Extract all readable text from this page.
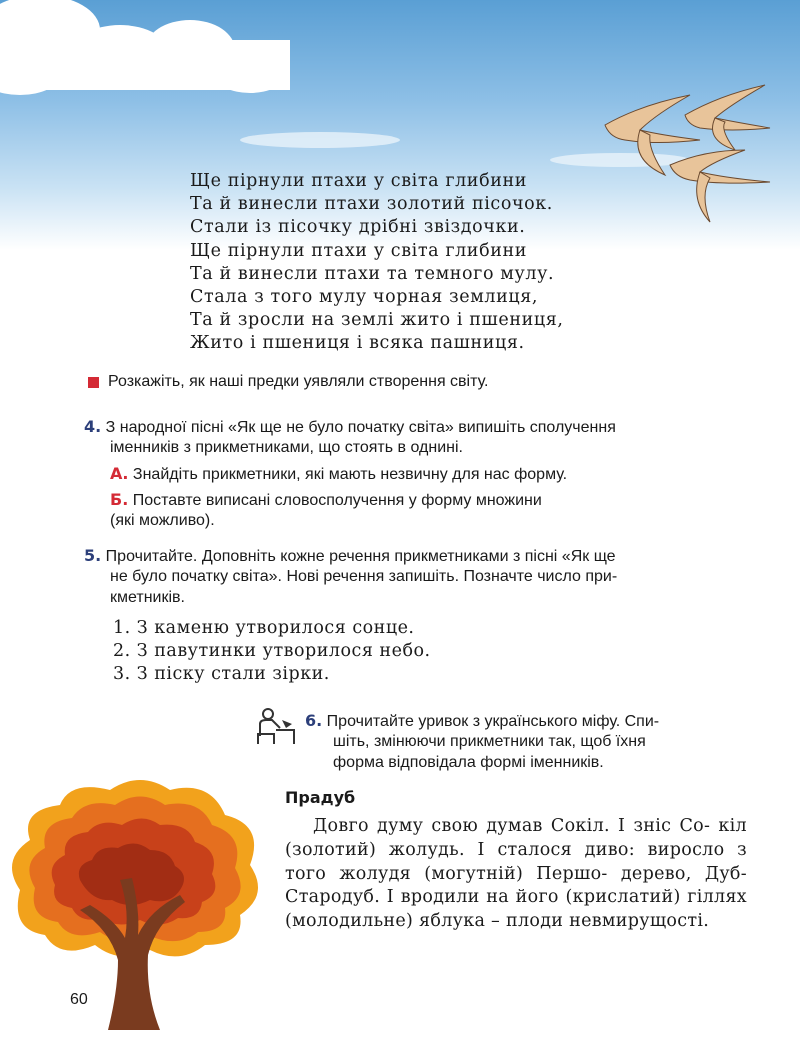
Ще пірнули птахи у світа глибини
Та й винесли птахи золотий пісочок.
Стали із пісочку дрібні звіздочки.
Ще пірнули птахи у світа глибини
Та й винесли птахи та темного мулу.
Стала з того мулу чорная землиця,
Та й зросли на землі жито і пшениця,
Жито і пшениця і всяка пашниця.
Розкажіть, як наші предки уявляли створення світу.
4. З народної пісні «Як ще не було початку світа» випишіть сполучення
іменників з прикметниками, що стоять в однині.
А. Знайдіть прикметники, які мають незвичну для нас форму.
Б. Поставте виписані словосполучення у форму множини
(які можливо).
5. Прочитайте. Доповніть кожне речення прикметниками з пісні «Як ще
не було початку світа». Нові речення запишіть. Позначте число при-
кметників.
1. З каменю утворилося сонце.
2. З павутинки утворилося небо.
3. З піску стали зірки.
6. Прочитайте уривок з українського міфу. Спи-
шіть, змінюючи прикметники так, щоб їхня
форма відповідала формі іменників.
Прадуб

Довго думу свою думав Сокіл. І зніс Со- кіл (золотий) жолудь. І сталося диво: виросло з того жолудя (могутній) Першо- дерево, Дуб-Стародуб. І вродили на його (крислатий) гіллях (молодильне) яблука – плоди невмирущості.

60
